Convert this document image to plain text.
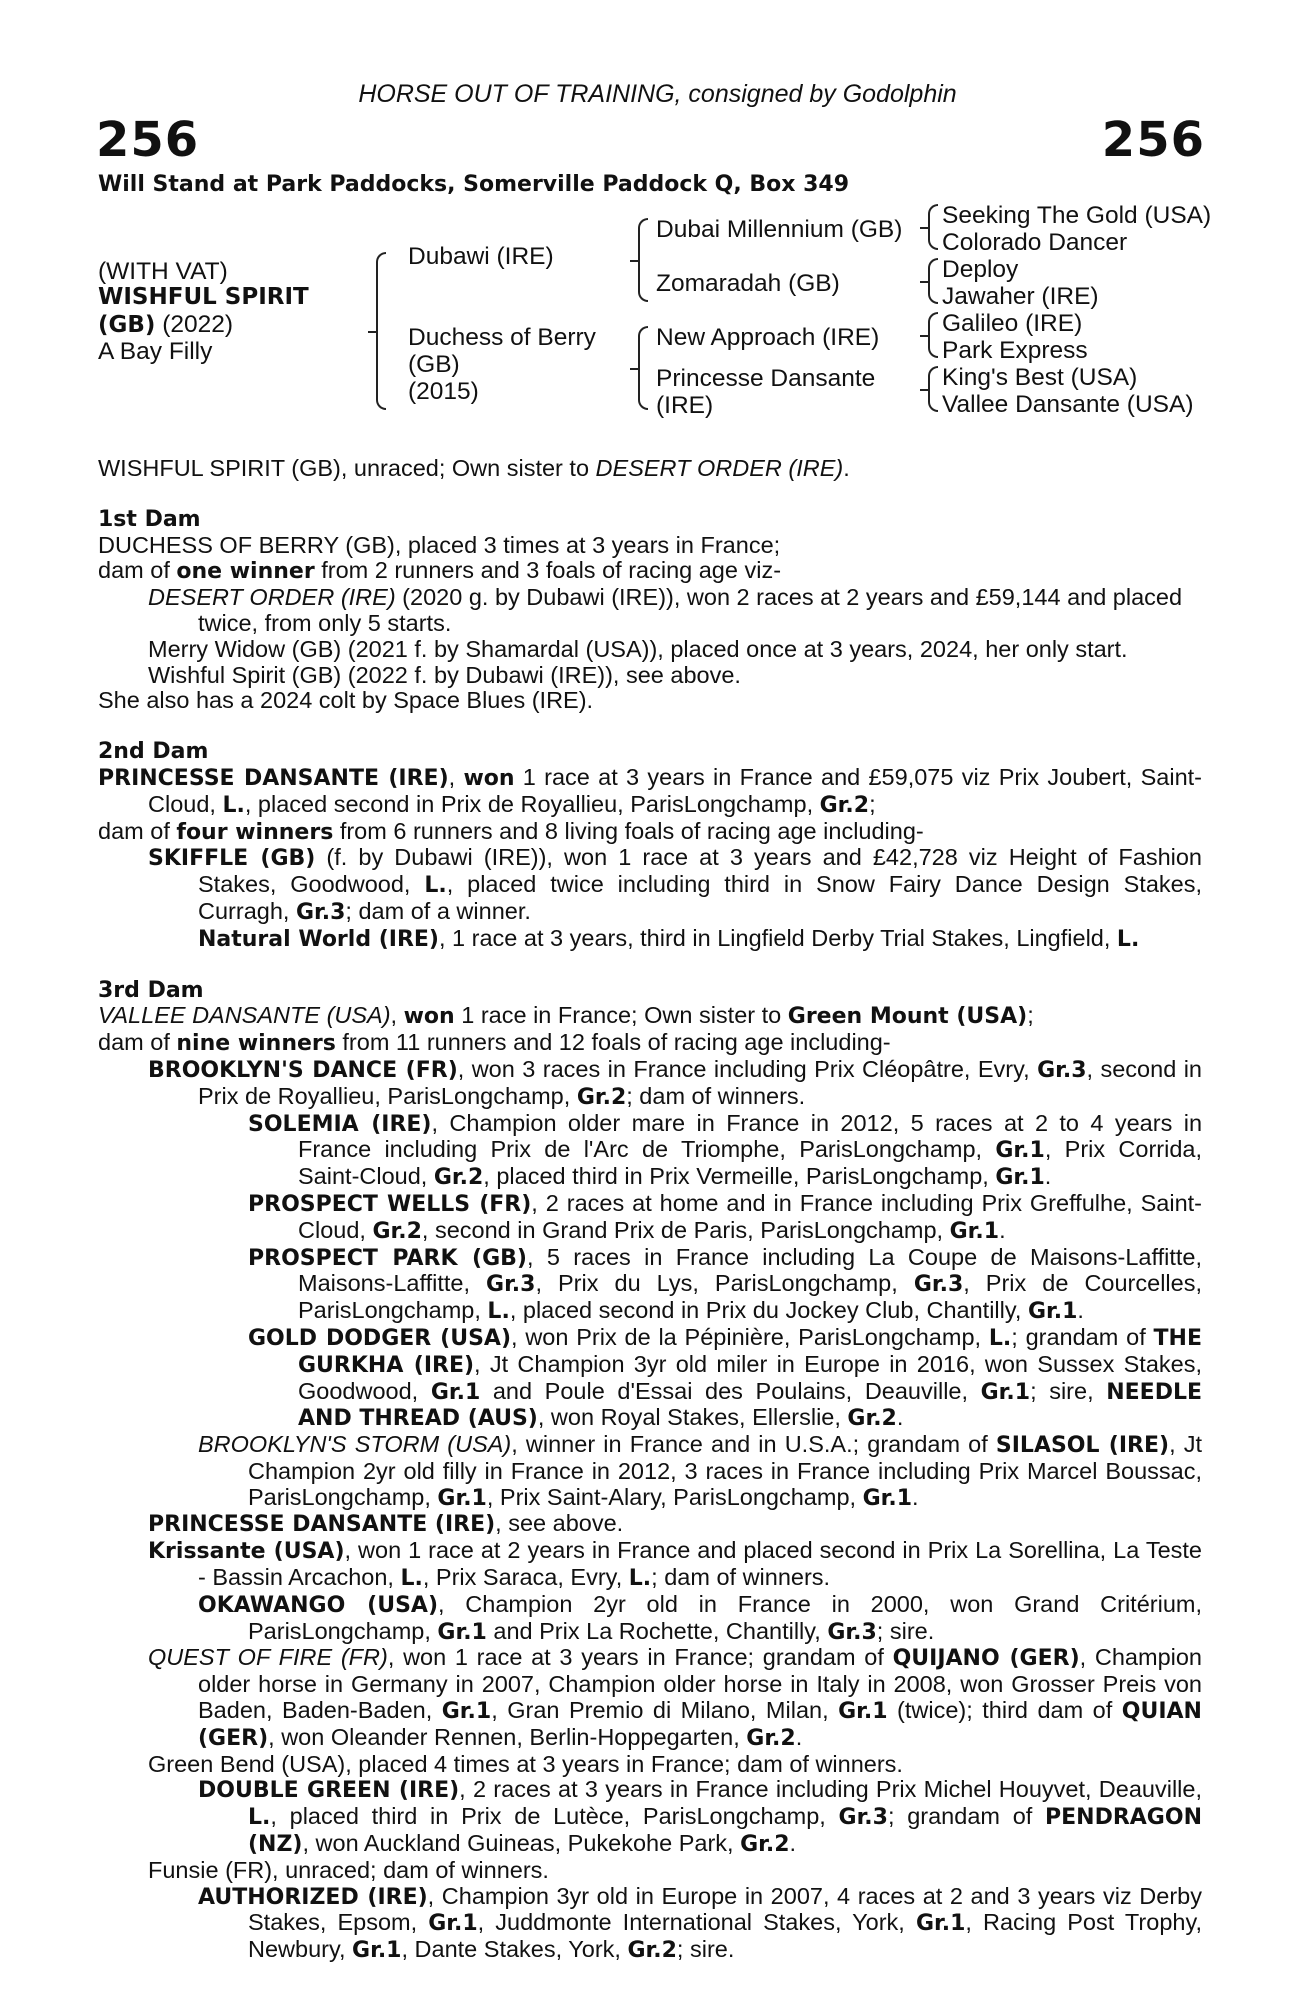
HORSE OUT OF TRAINING, consigned by Godolphin
256	256
Will Stand at Park Paddocks, Somerville Paddock Q, Box 349
(WITH VAT)
WISHFUL SPIRIT
(GB) (2022)
A Bay Filly
Dubawi (IRE)
Duchess of Berry
(GB)
(2015)
Dubai Millennium (GB)
Zomaradah (GB)
New Approach (IRE)
Princesse Dansante
(IRE)
Seeking The Gold (USA)
Colorado Dancer
Deploy
Jawaher (IRE)
Galileo (IRE)
Park Express
King's Best (USA)
Vallee Dansante (USA)

WISHFUL SPIRIT (GB), unraced; Own sister to DESERT ORDER (IRE).

1st Dam

DUCHESS OF BERRY (GB), placed 3 times at 3 years in France;

dam of one winner from 2 runners and 3 foals of racing age viz-

DESERT ORDER (IRE) (2020 g. by Dubawi (IRE)), won 2 races at 2 years and £59,144 and placed twice, from only 5 starts.

Merry Widow (GB) (2021 f. by Shamardal (USA)), placed once at 3 years, 2024, her only start.

Wishful Spirit (GB) (2022 f. by Dubawi (IRE)), see above.

She also has a 2024 colt by Space Blues (IRE).

2nd Dam

PRINCESSE DANSANTE (IRE), won 1 race at 3 years in France and £59,075 viz Prix Joubert, Saint-Cloud, L., placed second in Prix de Royallieu, ParisLongchamp, Gr.2;

dam of four winners from 6 runners and 8 living foals of racing age including-

SKIFFLE (GB) (f. by Dubawi (IRE)), won 1 race at 3 years and £42,728 viz Height of Fashion Stakes, Goodwood, L., placed twice including third in Snow Fairy Dance Design Stakes, Curragh, Gr.3; dam of a winner.

Natural World (IRE), 1 race at 3 years, third in Lingfield Derby Trial Stakes, Lingfield, L.

3rd Dam

VALLEE DANSANTE (USA), won 1 race in France; Own sister to Green Mount (USA);

dam of nine winners from 11 runners and 12 foals of racing age including-

BROOKLYN'S DANCE (FR), won 3 races in France including Prix Cléopâtre, Evry, Gr.3, second in Prix de Royallieu, ParisLongchamp, Gr.2; dam of winners.

SOLEMIA (IRE), Champion older mare in France in 2012, 5 races at 2 to 4 years in France including Prix de l'Arc de Triomphe, ParisLongchamp, Gr.1, Prix Corrida, Saint-Cloud, Gr.2, placed third in Prix Vermeille, ParisLongchamp, Gr.1.

PROSPECT WELLS (FR), 2 races at home and in France including Prix Greffulhe, Saint-Cloud, Gr.2, second in Grand Prix de Paris, ParisLongchamp, Gr.1.

PROSPECT PARK (GB), 5 races in France including La Coupe de Maisons-Laffitte, Maisons-Laffitte, Gr.3, Prix du Lys, ParisLongchamp, Gr.3, Prix de Courcelles, ParisLongchamp, L., placed second in Prix du Jockey Club, Chantilly, Gr.1.

GOLD DODGER (USA), won Prix de la Pépinière, ParisLongchamp, L.; grandam of THE GURKHA (IRE), Jt Champion 3yr old miler in Europe in 2016, won Sussex Stakes, Goodwood, Gr.1 and Poule d'Essai des Poulains, Deauville, Gr.1; sire, NEEDLE AND THREAD (AUS), won Royal Stakes, Ellerslie, Gr.2.

BROOKLYN'S STORM (USA), winner in France and in U.S.A.; grandam of SILASOL (IRE), Jt Champion 2yr old filly in France in 2012, 3 races in France including Prix Marcel Boussac, ParisLongchamp, Gr.1, Prix Saint-Alary, ParisLongchamp, Gr.1.

PRINCESSE DANSANTE (IRE), see above.

Krissante (USA), won 1 race at 2 years in France and placed second in Prix La Sorellina, La Teste - Bassin Arcachon, L., Prix Saraca, Evry, L.; dam of winners.

OKAWANGO (USA), Champion 2yr old in France in 2000, won Grand Critérium, ParisLongchamp, Gr.1 and Prix La Rochette, Chantilly, Gr.3; sire.

QUEST OF FIRE (FR), won 1 race at 3 years in France; grandam of QUIJANO (GER), Champion older horse in Germany in 2007, Champion older horse in Italy in 2008, won Grosser Preis von Baden, Baden-Baden, Gr.1, Gran Premio di Milano, Milan, Gr.1 (twice); third dam of QUIAN (GER), won Oleander Rennen, Berlin-Hoppegarten, Gr.2.

Green Bend (USA), placed 4 times at 3 years in France; dam of winners.

DOUBLE GREEN (IRE), 2 races at 3 years in France including Prix Michel Houyvet, Deauville, L., placed third in Prix de Lutèce, ParisLongchamp, Gr.3; grandam of PENDRAGON (NZ), won Auckland Guineas, Pukekohe Park, Gr.2.

Funsie (FR), unraced; dam of winners.

AUTHORIZED (IRE), Champion 3yr old in Europe in 2007, 4 races at 2 and 3 years viz Derby Stakes, Epsom, Gr.1, Juddmonte International Stakes, York, Gr.1, Racing Post Trophy, Newbury, Gr.1, Dante Stakes, York, Gr.2; sire.
